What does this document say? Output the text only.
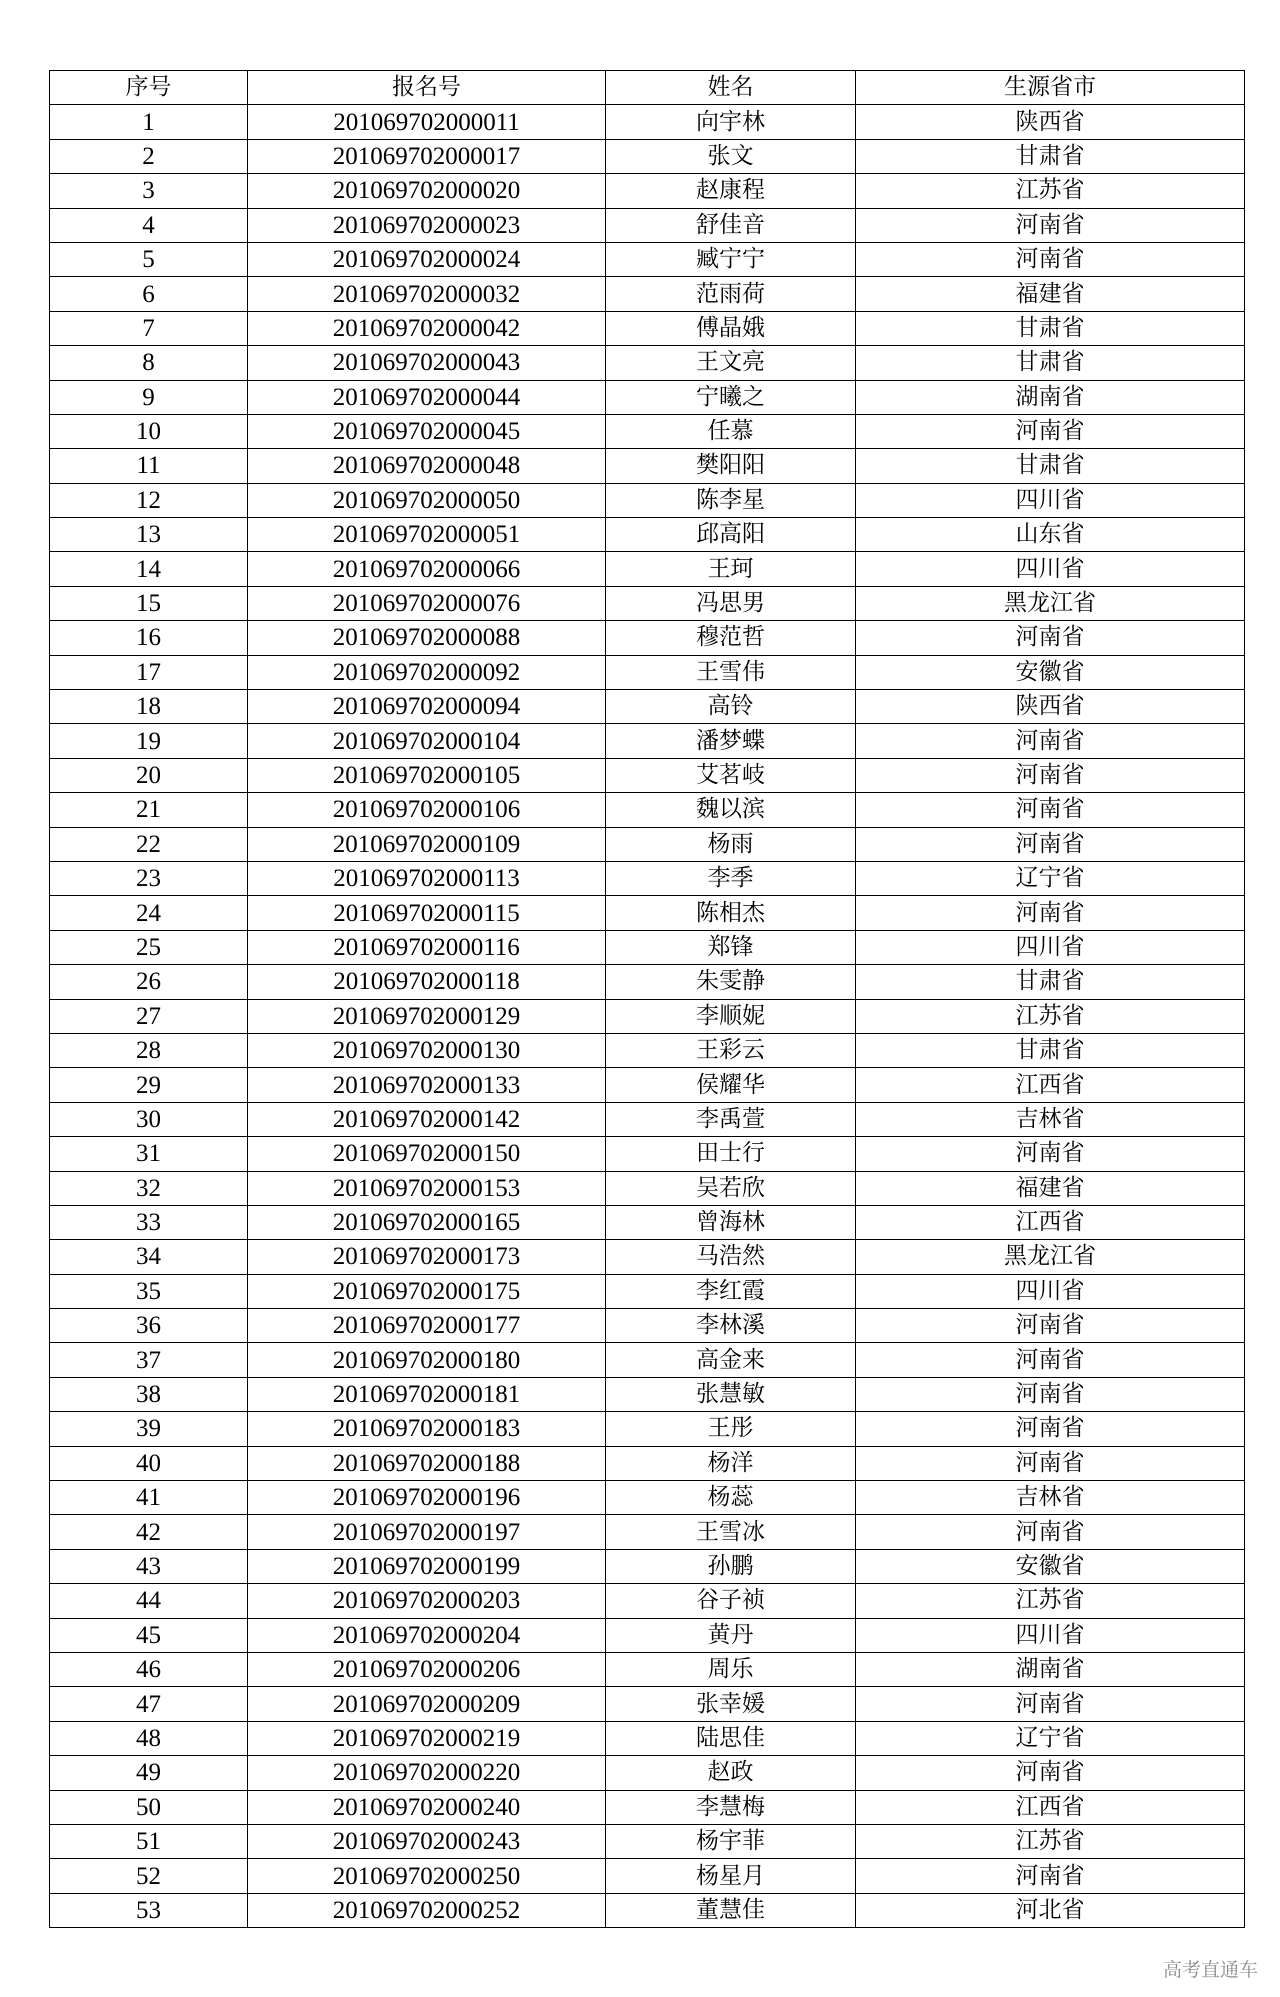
序号	报名号	姓名	生源省市
1	201069702000011	向宇林	陕西省
2	201069702000017	张文	甘肃省
3	201069702000020	赵康程	江苏省
4	201069702000023	舒佳音	河南省
5	201069702000024	臧宁宁	河南省
6	201069702000032	范雨荷	福建省
7	201069702000042	傅晶娥	甘肃省
8	201069702000043	王文亮	甘肃省
9	201069702000044	宁曦之	湖南省
10	201069702000045	任慕	河南省
11	201069702000048	樊阳阳	甘肃省
12	201069702000050	陈李星	四川省
13	201069702000051	邱高阳	山东省
14	201069702000066	王珂	四川省
15	201069702000076	冯思男	黑龙江省
16	201069702000088	穆范哲	河南省
17	201069702000092	王雪伟	安徽省
18	201069702000094	高铃	陕西省
19	201069702000104	潘梦蝶	河南省
20	201069702000105	艾茗岐	河南省
21	201069702000106	魏以滨	河南省
22	201069702000109	杨雨	河南省
23	201069702000113	李季	辽宁省
24	201069702000115	陈相杰	河南省
25	201069702000116	郑锋	四川省
26	201069702000118	朱雯静	甘肃省
27	201069702000129	李顺妮	江苏省
28	201069702000130	王彩云	甘肃省
29	201069702000133	侯耀华	江西省
30	201069702000142	李禹萱	吉林省
31	201069702000150	田士行	河南省
32	201069702000153	吴若欣	福建省
33	201069702000165	曾海林	江西省
34	201069702000173	马浩然	黑龙江省
35	201069702000175	李红霞	四川省
36	201069702000177	李林溪	河南省
37	201069702000180	高金来	河南省
38	201069702000181	张慧敏	河南省
39	201069702000183	王彤	河南省
40	201069702000188	杨洋	河南省
41	201069702000196	杨蕊	吉林省
42	201069702000197	王雪冰	河南省
43	201069702000199	孙鹏	安徽省
44	201069702000203	谷子祯	江苏省
45	201069702000204	黄丹	四川省
46	201069702000206	周乐	湖南省
47	201069702000209	张幸媛	河南省
48	201069702000219	陆思佳	辽宁省
49	201069702000220	赵政	河南省
50	201069702000240	李慧梅	江西省
51	201069702000243	杨宇菲	江苏省
52	201069702000250	杨星月	河南省
53	201069702000252	董慧佳	河北省
高考直通车
